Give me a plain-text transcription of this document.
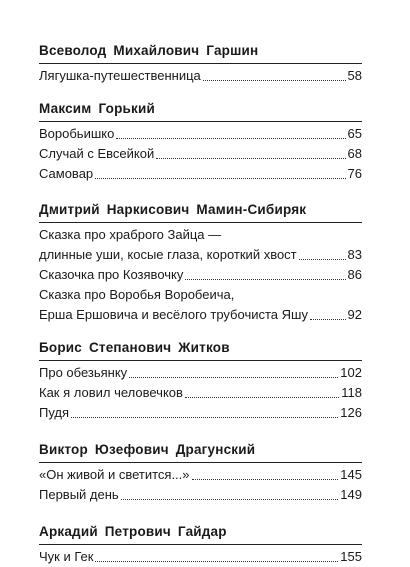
Всеволод Михайлович Гаршин
Лягушка-путешественница	58
Максим Горький
Воробьишко	65
Случай с Евсейкой	68
Самовар	76
Дмитрий Наркисович Мамин-Сибиряк
Сказка про храброго Зайца —
длинные уши, косые глаза, короткий хвост	83
Сказочка про Козявочку	86
Сказка про Воробья Воробеича,
Ерша Ершовича и весёлого трубочиста Яшу	92
Борис Степанович Житков
Про обезьянку	102
Как я ловил человечков	118
Пудя	126
Виктор Юзефович Драгунский
«Он живой и светится...»	145
Первый день	149
Аркадий Петрович Гайдар
Чук и Гек	155
